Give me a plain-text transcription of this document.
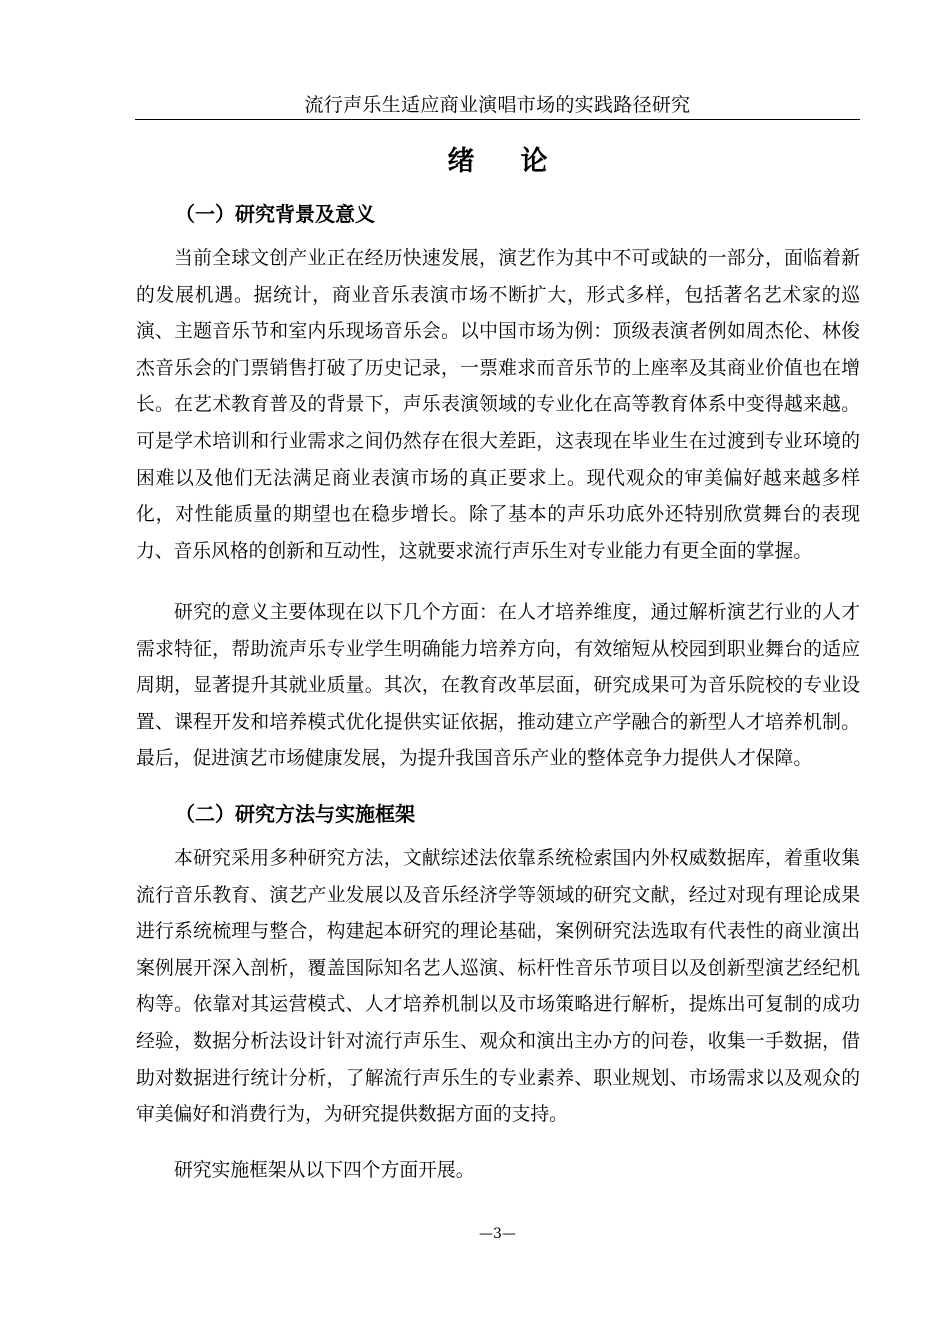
流行声乐生适应商业演唱市场的实践路径研究
绪 论
（一）研究背景及意义

当前全球文创产业正在经历快速发展，演艺作为其中不可或缺的一部分，面临着新的发展机遇。据统计，商业音乐表演市场不断扩大，形式多样，包括著名艺术家的巡演、主题音乐节和室内乐现场音乐会。以中国市场为例：顶级表演者例如周杰伦、林俊杰音乐会的门票销售打破了历史记录，一票难求而音乐节的上座率及其商业价值也在增长。在艺术教育普及的背景下，声乐表演领域的专业化在高等教育体系中变得越来越。可是学术培训和行业需求之间仍然存在很大差距，这表现在毕业生在过渡到专业环境的困难以及他们无法满足商业表演市场的真正要求上。现代观众的审美偏好越来越多样化，对性能质量的期望也在稳步增长。除了基本的声乐功底外还特别欣赏舞台的表现力、音乐风格的创新和互动性，这就要求流行声乐生对专业能力有更全面的掌握。

研究的意义主要体现在以下几个方面：在人才培养维度，通过解析演艺行业的人才需求特征，帮助流声乐专业学生明确能力培养方向，有效缩短从校园到职业舞台的适应周期，显著提升其就业质量。其次，在教育改革层面，研究成果可为音乐院校的专业设置、课程开发和培养模式优化提供实证依据，推动建立产学融合的新型人才培养机制。最后，促进演艺市场健康发展，为提升我国音乐产业的整体竞争力提供人才保障。

（二）研究方法与实施框架

本研究采用多种研究方法，文献综述法依靠系统检索国内外权威数据库，着重收集流行音乐教育、演艺产业发展以及音乐经济学等领域的研究文献，经过对现有理论成果进行系统梳理与整合，构建起本研究的理论基础，案例研究法选取有代表性的商业演出案例展开深入剖析，覆盖国际知名艺人巡演、标杆性音乐节项目以及创新型演艺经纪机构等。依靠对其运营模式、人才培养机制以及市场策略进行解析，提炼出可复制的成功经验，数据分析法设计针对流行声乐生、观众和演出主办方的问卷，收集一手数据，借助对数据进行统计分析，了解流行声乐生的专业素养、职业规划、市场需求以及观众的审美偏好和消费行为，为研究提供数据方面的支持。

研究实施框架从以下四个方面开展。

—3—
